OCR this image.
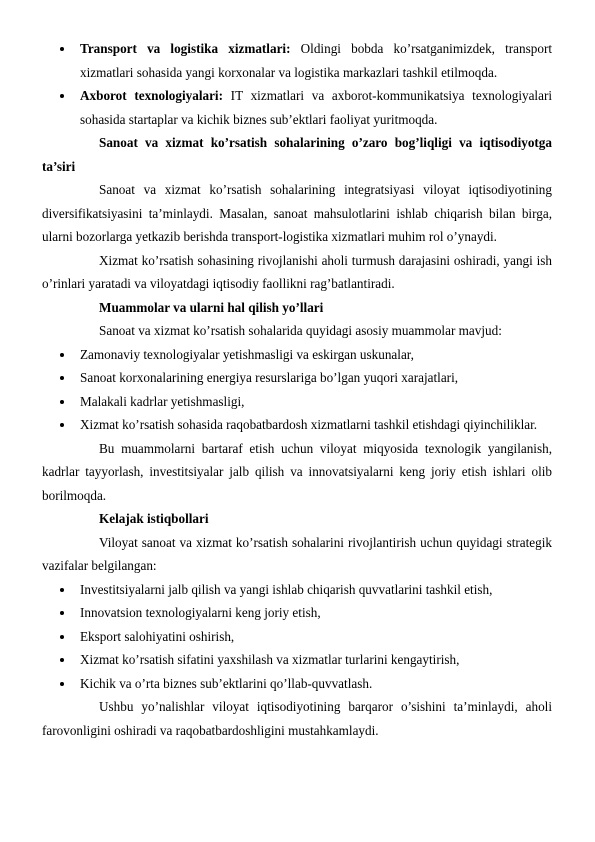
Transport va logistika xizmatlari: Oldingi bobda ko’rsatganimizdek, transport xizmatlari sohasida yangi korxonalar va logistika markazlari tashkil etilmoqda.
Axborot texnologiyalari: IT xizmatlari va axborot-kommunikatsiya texnologiyalari sohasida startaplar va kichik biznes sub’ektlari faoliyat yuritmoqda.
Sanoat va xizmat ko’rsatish sohalarining o’zaro bog’liqligi va iqtisodiyotga ta’siri
Sanoat va xizmat ko’rsatish sohalarining integratsiyasi viloyat iqtisodiyotining diversifikatsiyasini ta’minlaydi. Masalan, sanoat mahsulotlarini ishlab chiqarish bilan birga, ularni bozorlarga yetkazib berishda transport-logistika xizmatlari muhim rol o’ynaydi.
Xizmat ko’rsatish sohasining rivojlanishi aholi turmush darajasini oshiradi, yangi ish o’rinlari yaratadi va viloyatdagi iqtisodiy faollikni rag’batlantiradi.
Muammolar va ularni hal qilish yo’llari
Sanoat va xizmat ko’rsatish sohalarida quyidagi asosiy muammolar mavjud:
Zamonaviy texnologiyalar yetishmasligi va eskirgan uskunalar,
Sanoat korxonalarining energiya resurslariga bo’lgan yuqori xarajatlari,
Malakali kadrlar yetishmasligi,
Xizmat ko’rsatish sohasida raqobatbardosh xizmatlarni tashkil etishdagi qiyinchiliklar.
Bu muammolarni bartaraf etish uchun viloyat miqyosida texnologik yangilanish, kadrlar tayyorlash, investitsiyalar jalb qilish va innovatsiyalarni keng joriy etish ishlari olib borilmoqda.
Kelajak istiqbollari
Viloyat sanoat va xizmat ko’rsatish sohalarini rivojlantirish uchun quyidagi strategik vazifalar belgilangan:
Investitsiyalarni jalb qilish va yangi ishlab chiqarish quvvatlarini tashkil etish,
Innovatsion texnologiyalarni keng joriy etish,
Eksport salohiyatini oshirish,
Xizmat ko’rsatish sifatini yaxshilash va xizmatlar turlarini kengaytirish,
Kichik va o’rta biznes sub’ektlarini qo’llab-quvvatlash.
Ushbu yo’nalishlar viloyat iqtisodiyotining barqaror o’sishini ta’minlaydi, aholi farovonligini oshiradi va raqobatbardoshligini mustahkamlaydi.
